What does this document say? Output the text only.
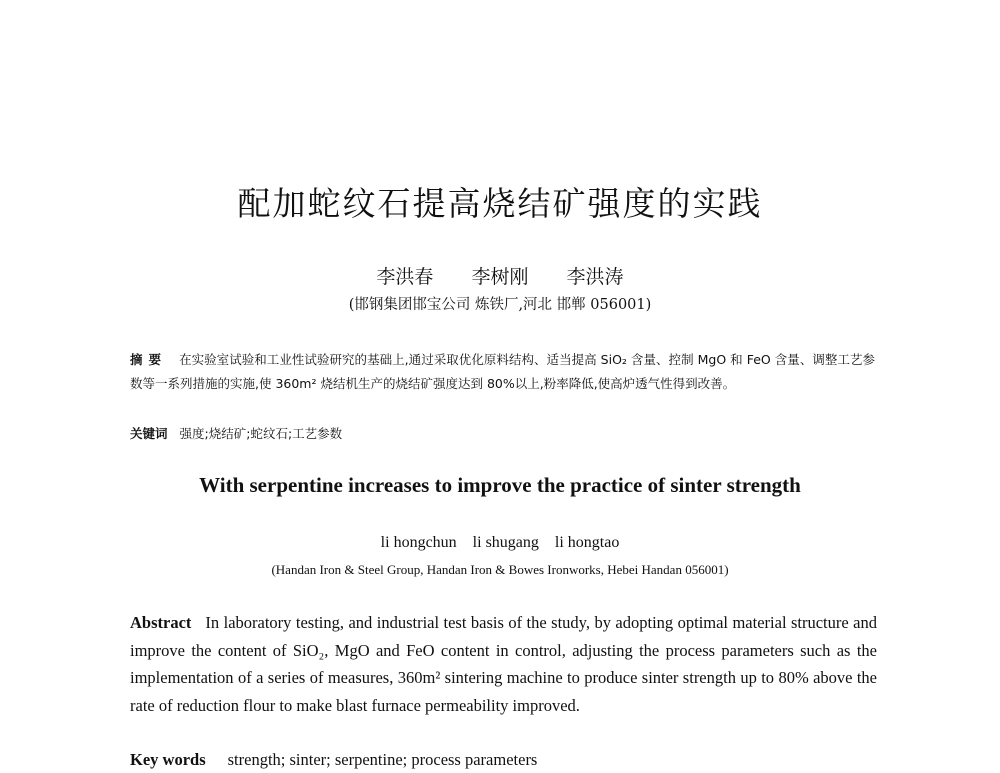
配加蛇纹石提高烧结矿强度的实践
李洪春 李树刚 李洪涛
(邯钢集团邯宝公司 炼铁厂,河北 邯郸 056001)
摘要 在实验室试验和工业性试验研究的基础上,通过采取优化原料结构、适当提高 SiO₂ 含量、控制 MgO 和 FeO 含量、调整工艺参数等一系列措施的实施,使 360m² 烧结机生产的烧结矿强度达到 80%以上,粉率降低,使高炉透气性得到改善。
关键词 强度;烧结矿;蛇纹石;工艺参数
With serpentine increases to improve the practice of sinter strength
li hongchun li shugang li hongtao
(Handan Iron & Steel Group, Handan Iron & Bowes Ironworks, Hebei Handan 056001)
Abstract In laboratory testing, and industrial test basis of the study, by adopting optimal material structure and improve the content of SiO₂, MgO and FeO content in control, adjusting the process parameters such as the implementation of a series of measures, 360m² sintering machine to produce sinter strength up to 80% above the rate of reduction flour to make blast furnace permeability improved.
Key words strength; sinter; serpentine; process parameters
